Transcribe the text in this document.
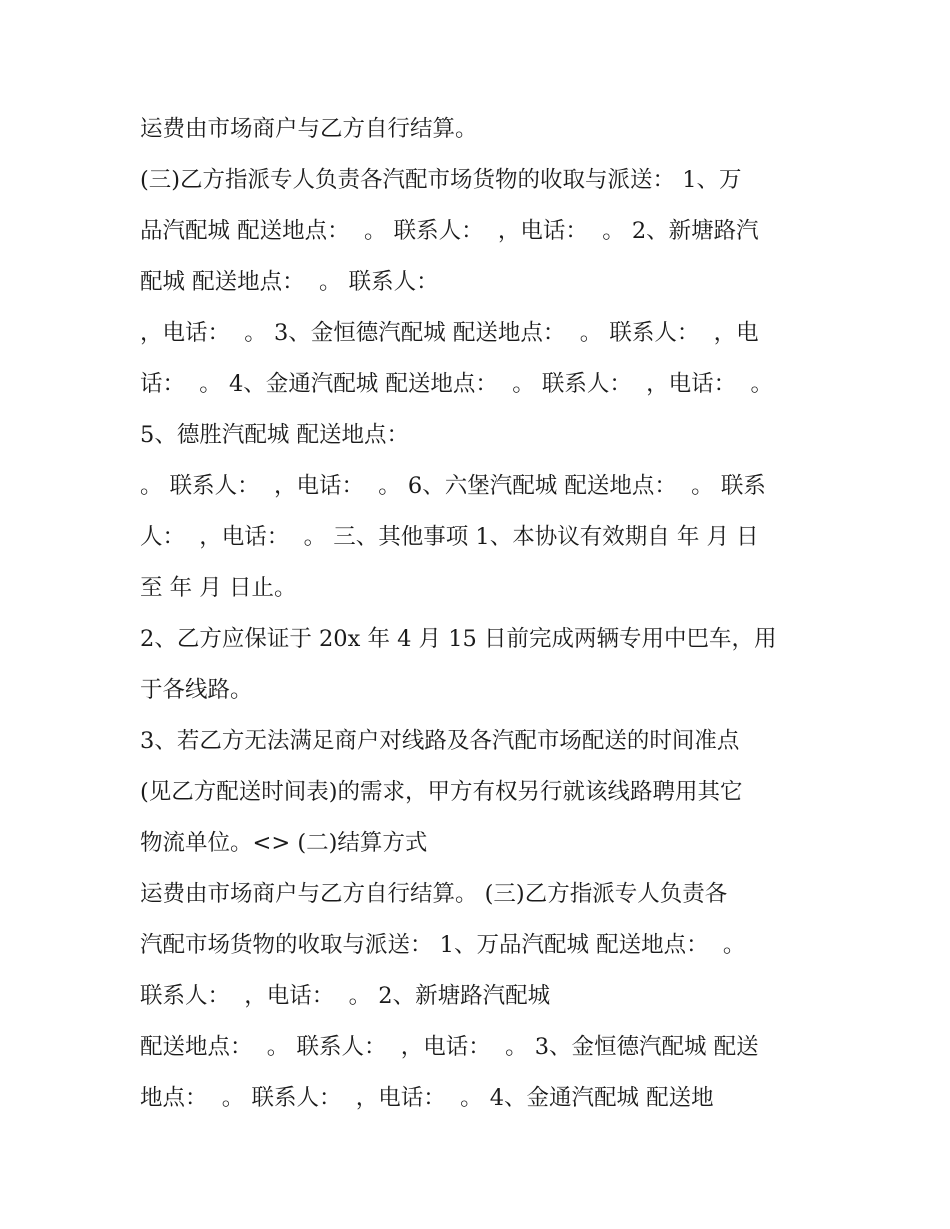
运费由市场商户与乙方自行结算。
(三)乙方指派专人负责各汽配市场货物的收取与派送： 1、万
品汽配城 配送地点：  。 联系人：  ，电话：  。 2、新塘路汽
配城 配送地点：  。 联系人：
，电话：  。 3、金恒德汽配城 配送地点：  。 联系人：  ，电
话：  。 4、金通汽配城 配送地点：  。 联系人：  ，电话：  。
5、德胜汽配城 配送地点：
。 联系人：  ，电话：  。 6、六堡汽配城 配送地点：  。 联系
人：  ，电话：  。 三、其他事项 1、本协议有效期自 年 月 日
至 年 月 日止。
2、乙方应保证于 20x 年 4 月 15 日前完成两辆专用中巴车，用
于各线路。
3、若乙方无法满足商户对线路及各汽配市场配送的时间准点
(见乙方配送时间表)的需求，甲方有权另行就该线路聘用其它
物流单位。<> (二)结算方式
运费由市场商户与乙方自行结算。 (三)乙方指派专人负责各
汽配市场货物的收取与派送： 1、万品汽配城 配送地点：  。
联系人：  ，电话：  。 2、新塘路汽配城
配送地点：  。 联系人：  ，电话：  。 3、金恒德汽配城 配送
地点：  。 联系人：  ，电话：  。 4、金通汽配城 配送地
